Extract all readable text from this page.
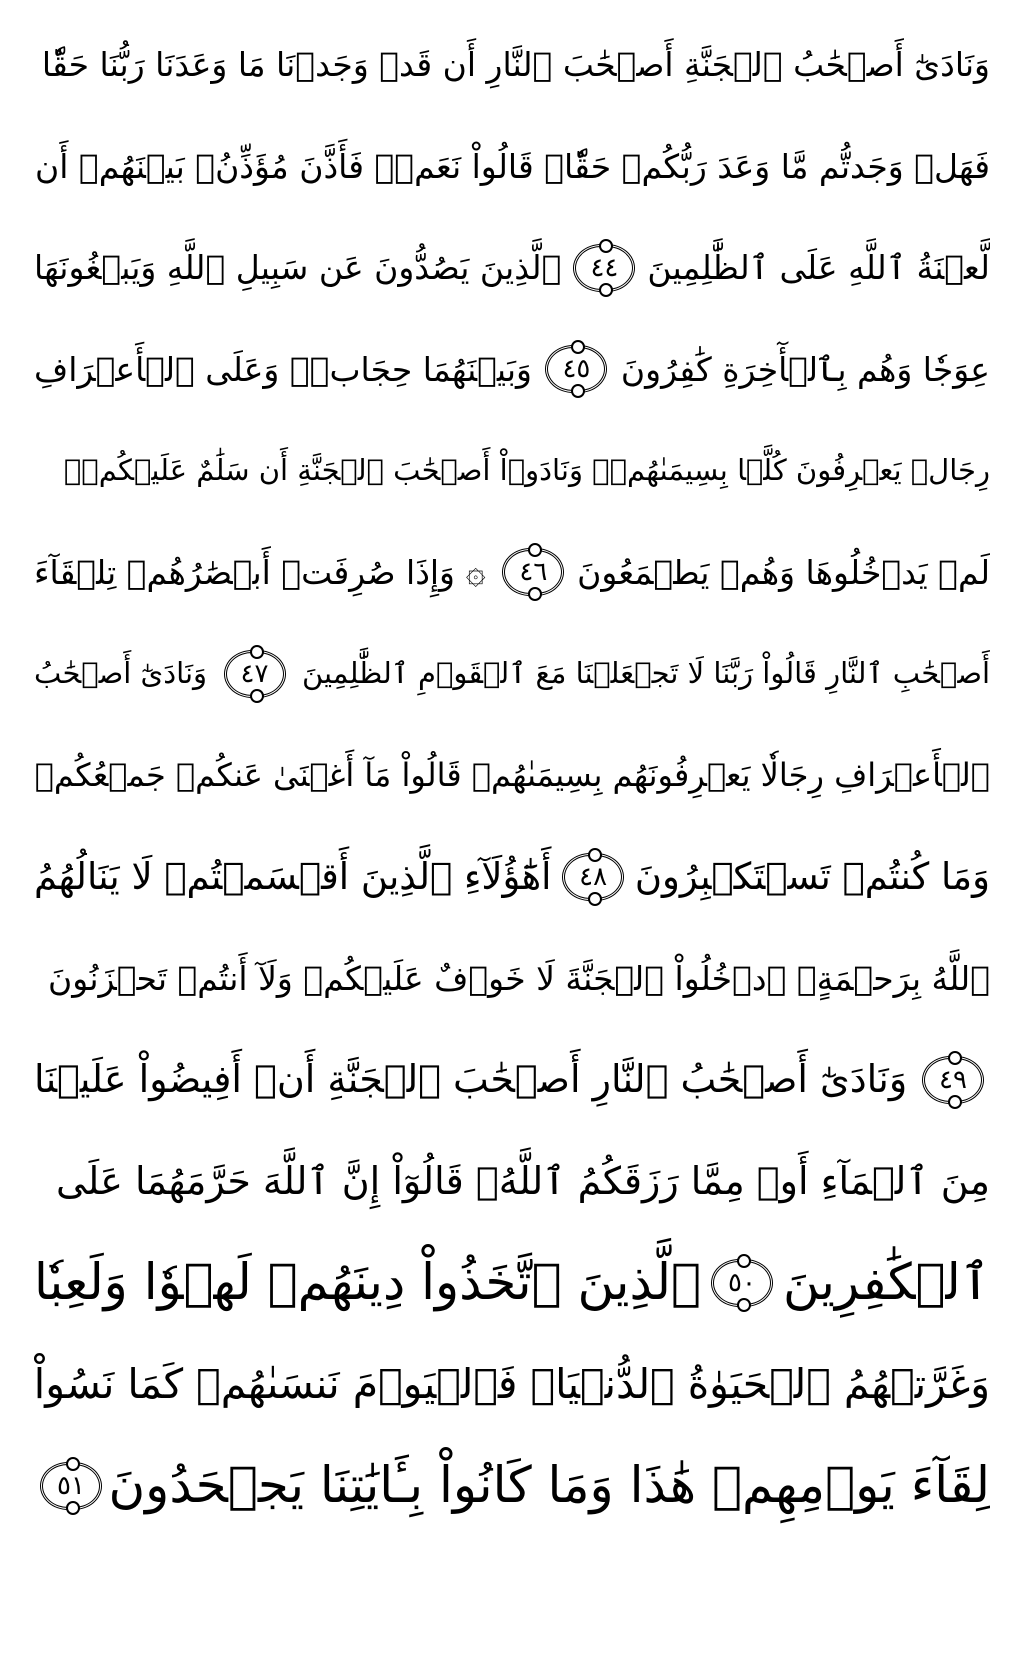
وَنَادَىٰٓ أَصۡحَٰبُ ٱلۡجَنَّةِ أَصۡحَٰبَ ٱلنَّارِ أَن قَدۡ وَجَدۡنَا مَا وَعَدَنَا رَبُّنَا حَقّٗا
فَهَلۡ وَجَدتُّم مَّا وَعَدَ رَبُّكُمۡ حَقّٗاۖ قَالُواْ نَعَمۡۚ فَأَذَّنَ مُؤَذِّنُۢ بَيۡنَهُمۡ أَن
لَّعۡنَةُ ٱللَّهِ عَلَى ٱلظَّٰلِمِينَ
٤٤
ٱلَّذِينَ يَصُدُّونَ عَن سَبِيلِ ٱللَّهِ وَيَبۡغُونَهَا
عِوَجٗا وَهُم بِٱلۡأٓخِرَةِ كَٰفِرُونَ
٤٥
وَبَيۡنَهُمَا حِجَابٞۚ وَعَلَى ٱلۡأَعۡرَافِ
رِجَالٞ يَعۡرِفُونَ كُلَّۢا بِسِيمَىٰهُمۡۚ وَنَادَوۡاْ أَصۡحَٰبَ ٱلۡجَنَّةِ أَن سَلَٰمٌ عَلَيۡكُمۡۚ
لَمۡ يَدۡخُلُوهَا وَهُمۡ يَطۡمَعُونَ
٤٦
۞
وَإِذَا صُرِفَتۡ أَبۡصَٰرُهُمۡ تِلۡقَآءَ
أَصۡحَٰبِ ٱلنَّارِ قَالُواْ رَبَّنَا لَا تَجۡعَلۡنَا مَعَ ٱلۡقَوۡمِ ٱلظَّٰلِمِينَ
٤٧
وَنَادَىٰٓ أَصۡحَٰبُ
ٱلۡأَعۡرَافِ رِجَالٗا يَعۡرِفُونَهُم بِسِيمَىٰهُمۡ قَالُواْ مَآ أَغۡنَىٰ عَنكُمۡ جَمۡعُكُمۡ
وَمَا كُنتُمۡ تَسۡتَكۡبِرُونَ
٤٨
أَهَٰٓؤُلَآءِ ٱلَّذِينَ أَقۡسَمۡتُمۡ لَا يَنَالُهُمُ
ٱللَّهُ بِرَحۡمَةٍۚ ٱدۡخُلُواْ ٱلۡجَنَّةَ لَا خَوۡفٌ عَلَيۡكُمۡ وَلَآ أَنتُمۡ تَحۡزَنُونَ
٤٩
وَنَادَىٰٓ أَصۡحَٰبُ ٱلنَّارِ أَصۡحَٰبَ ٱلۡجَنَّةِ أَنۡ أَفِيضُواْ عَلَيۡنَا
مِنَ ٱلۡمَآءِ أَوۡ مِمَّا رَزَقَكُمُ ٱللَّهُۚ قَالُوٓاْ إِنَّ ٱللَّهَ حَرَّمَهُمَا عَلَى
ٱلۡكَٰفِرِينَ
٥٠
ٱلَّذِينَ ٱتَّخَذُواْ دِينَهُمۡ لَهۡوٗا وَلَعِبٗا
وَغَرَّتۡهُمُ ٱلۡحَيَوٰةُ ٱلدُّنۡيَاۚ فَٱلۡيَوۡمَ نَنسَىٰهُمۡ كَمَا نَسُواْ
لِقَآءَ يَوۡمِهِمۡ هَٰذَا وَمَا كَانُواْ بِـَٔايَٰتِنَا يَجۡحَدُونَ
٥١
